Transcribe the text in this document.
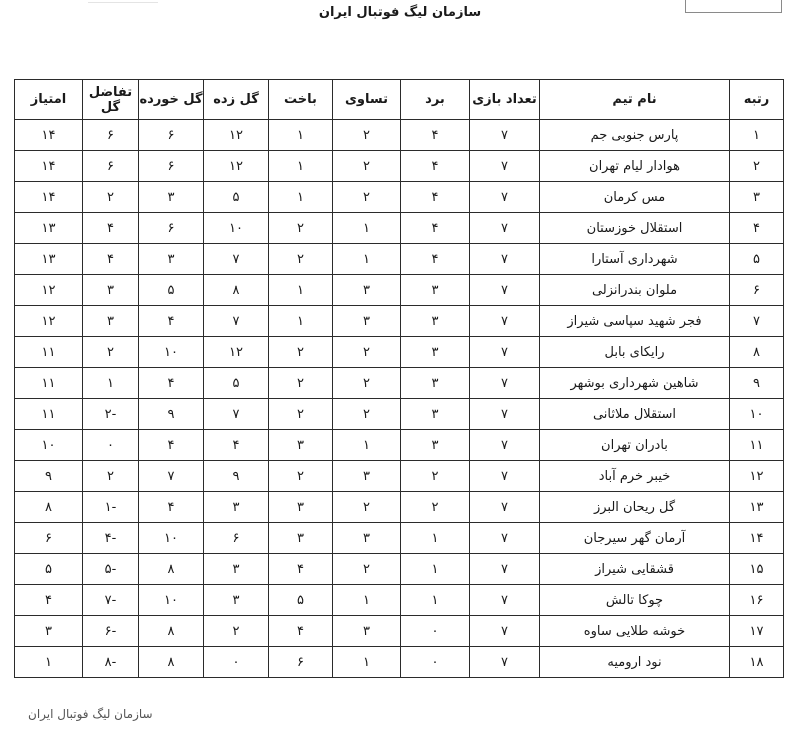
سازمان لیگ فوتبال ایران
رتبه	نام تیم	تعداد بازی	برد	تساوی	باخت	گل زده	گل خورده	تفاضل گل	امتیاز
۱	پارس جنوبی جم	۷	۴	۲	۱	۱۲	۶	۶	۱۴
۲	هوادار لیام تهران	۷	۴	۲	۱	۱۲	۶	۶	۱۴
۳	مس کرمان	۷	۴	۲	۱	۵	۳	۲	۱۴
۴	استقلال خوزستان	۷	۴	۱	۲	۱۰	۶	۴	۱۳
۵	شهرداری آستارا	۷	۴	۱	۲	۷	۳	۴	۱۳
۶	ملوان بندرانزلی	۷	۳	۳	۱	۸	۵	۳	۱۲
۷	فجر شهید سپاسی شیراز	۷	۳	۳	۱	۷	۴	۳	۱۲
۸	رایکای بابل	۷	۳	۲	۲	۱۲	۱۰	۲	۱۱
۹	شاهین شهرداری بوشهر	۷	۳	۲	۲	۵	۴	۱	۱۱
۱۰	استقلال ملاثانی	۷	۳	۲	۲	۷	۹	-۲	۱۱
۱۱	بادران تهران	۷	۳	۱	۳	۴	۴	۰	۱۰
۱۲	خیبر خرم آباد	۷	۲	۳	۲	۹	۷	۲	۹
۱۳	گل ریحان البرز	۷	۲	۲	۳	۳	۴	-۱	۸
۱۴	آرمان گهر سیرجان	۷	۱	۳	۳	۶	۱۰	-۴	۶
۱۵	قشقایی شیراز	۷	۱	۲	۴	۳	۸	-۵	۵
۱۶	چوکا تالش	۷	۱	۱	۵	۳	۱۰	-۷	۴
۱۷	خوشه طلایی ساوه	۷	۰	۳	۴	۲	۸	-۶	۳
۱۸	نود ارومیه	۷	۰	۱	۶	۰	۸	-۸	۱
سازمان لیگ فوتبال ایران
